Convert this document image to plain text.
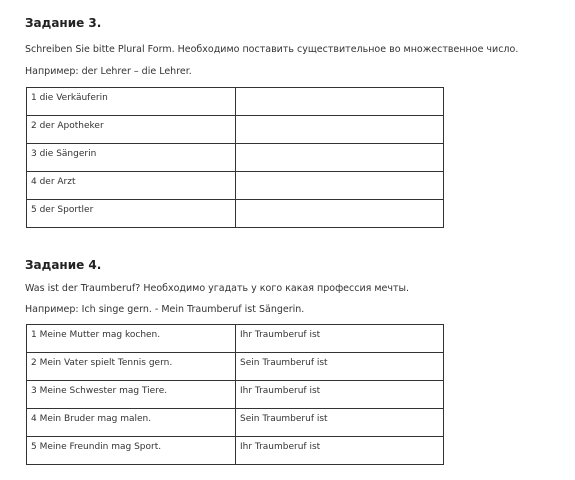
Задание 3.
Schreiben Sie bitte Plural Form. Необходимо поставить существительное во множественное число.
Например: der Lehrer – die Lehrer.
1 die Verkäuferin	
2 der Apotheker	
3 die Sängerin	
4 der Arzt	
5 der Sportler	
Задание 4.
Was ist der Traumberuf? Необходимо угадать у кого какая профессия мечты.
Например: Ich singe gern. - Mein Traumberuf ist Sängerin.
1 Meine Mutter mag kochen.	Ihr Traumberuf ist
2 Mein Vater spielt Tennis gern.	Sein Traumberuf ist
3 Meine Schwester mag Tiere.	Ihr Traumberuf ist
4 Mein Bruder mag malen.	Sein Traumberuf ist
5 Meine Freundin mag Sport.	Ihr Traumberuf ist
